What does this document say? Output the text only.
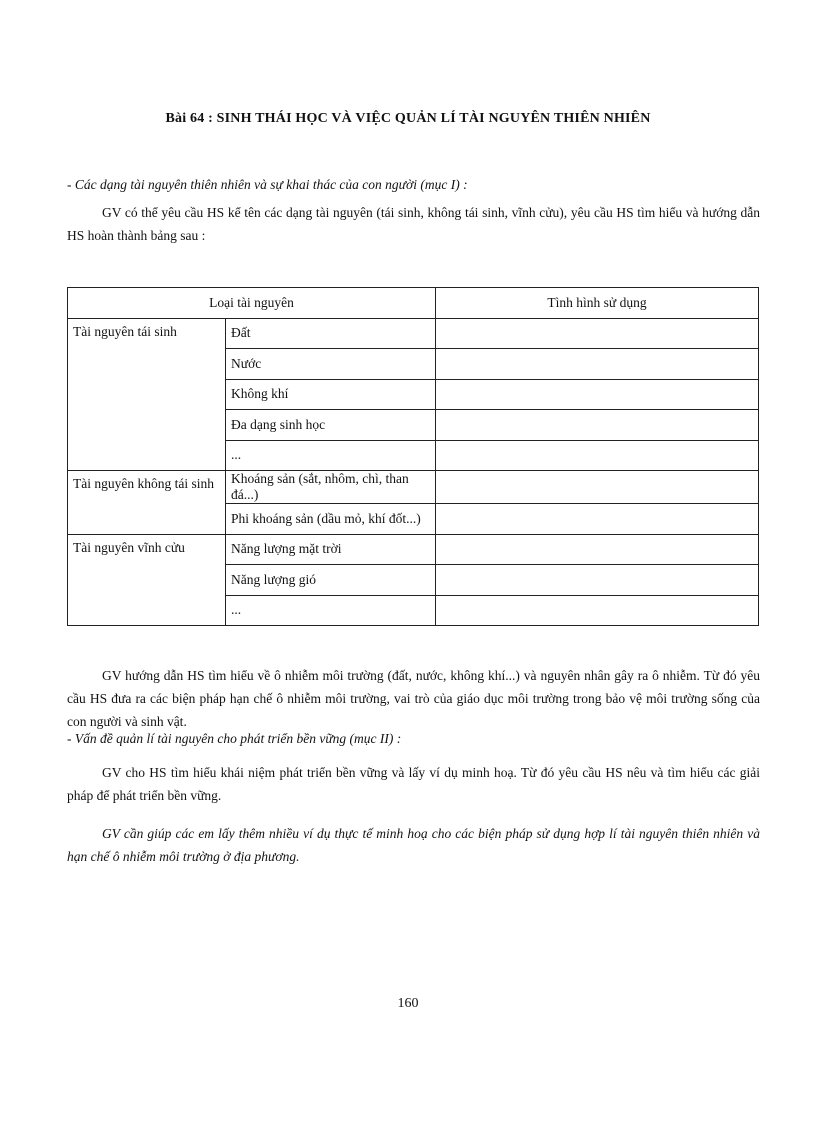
Bài 64 : SINH THÁI HỌC VÀ VIỆC QUẢN LÍ TÀI NGUYÊN THIÊN NHIÊN
- Các dạng tài nguyên thiên nhiên và sự khai thác của con người (mục I) :
GV có thể yêu cầu HS kể tên các dạng tài nguyên (tái sinh, không tái sinh, vĩnh cửu), yêu cầu HS tìm hiểu và hướng dẫn HS hoàn thành bảng sau :
Loại tài nguyên		Tình hình sử dụng
Tài nguyên tái sinh	Đất	
	Nước	
	Không khí	
	Đa dạng sinh học	
	...	
Tài nguyên không tái sinh	Khoáng sản (sắt, nhôm, chì, than đá...)	
	Phi khoáng sản (dầu mỏ, khí đốt...)	
Tài nguyên vĩnh cửu	Năng lượng mặt trời	
	Năng lượng gió	
	...	
GV hướng dẫn HS tìm hiểu về ô nhiễm môi trường (đất, nước, không khí...) và nguyên nhân gây ra ô nhiễm. Từ đó yêu cầu HS đưa ra các biện pháp hạn chế ô nhiễm môi trường, vai trò của giáo dục môi trường trong bảo vệ môi trường sống của con người và sinh vật.
- Vấn đề quản lí tài nguyên cho phát triển bền vững (mục II) :
GV cho HS tìm hiểu khái niệm phát triển bền vững và lấy ví dụ minh hoạ. Từ đó yêu cầu HS nêu và tìm hiểu các giải pháp để phát triển bền vững.
GV cần giúp các em lấy thêm nhiều ví dụ thực tế minh hoạ cho các biện pháp sử dụng hợp lí tài nguyên thiên nhiên và hạn chế ô nhiễm môi trường ở địa phương.
160
